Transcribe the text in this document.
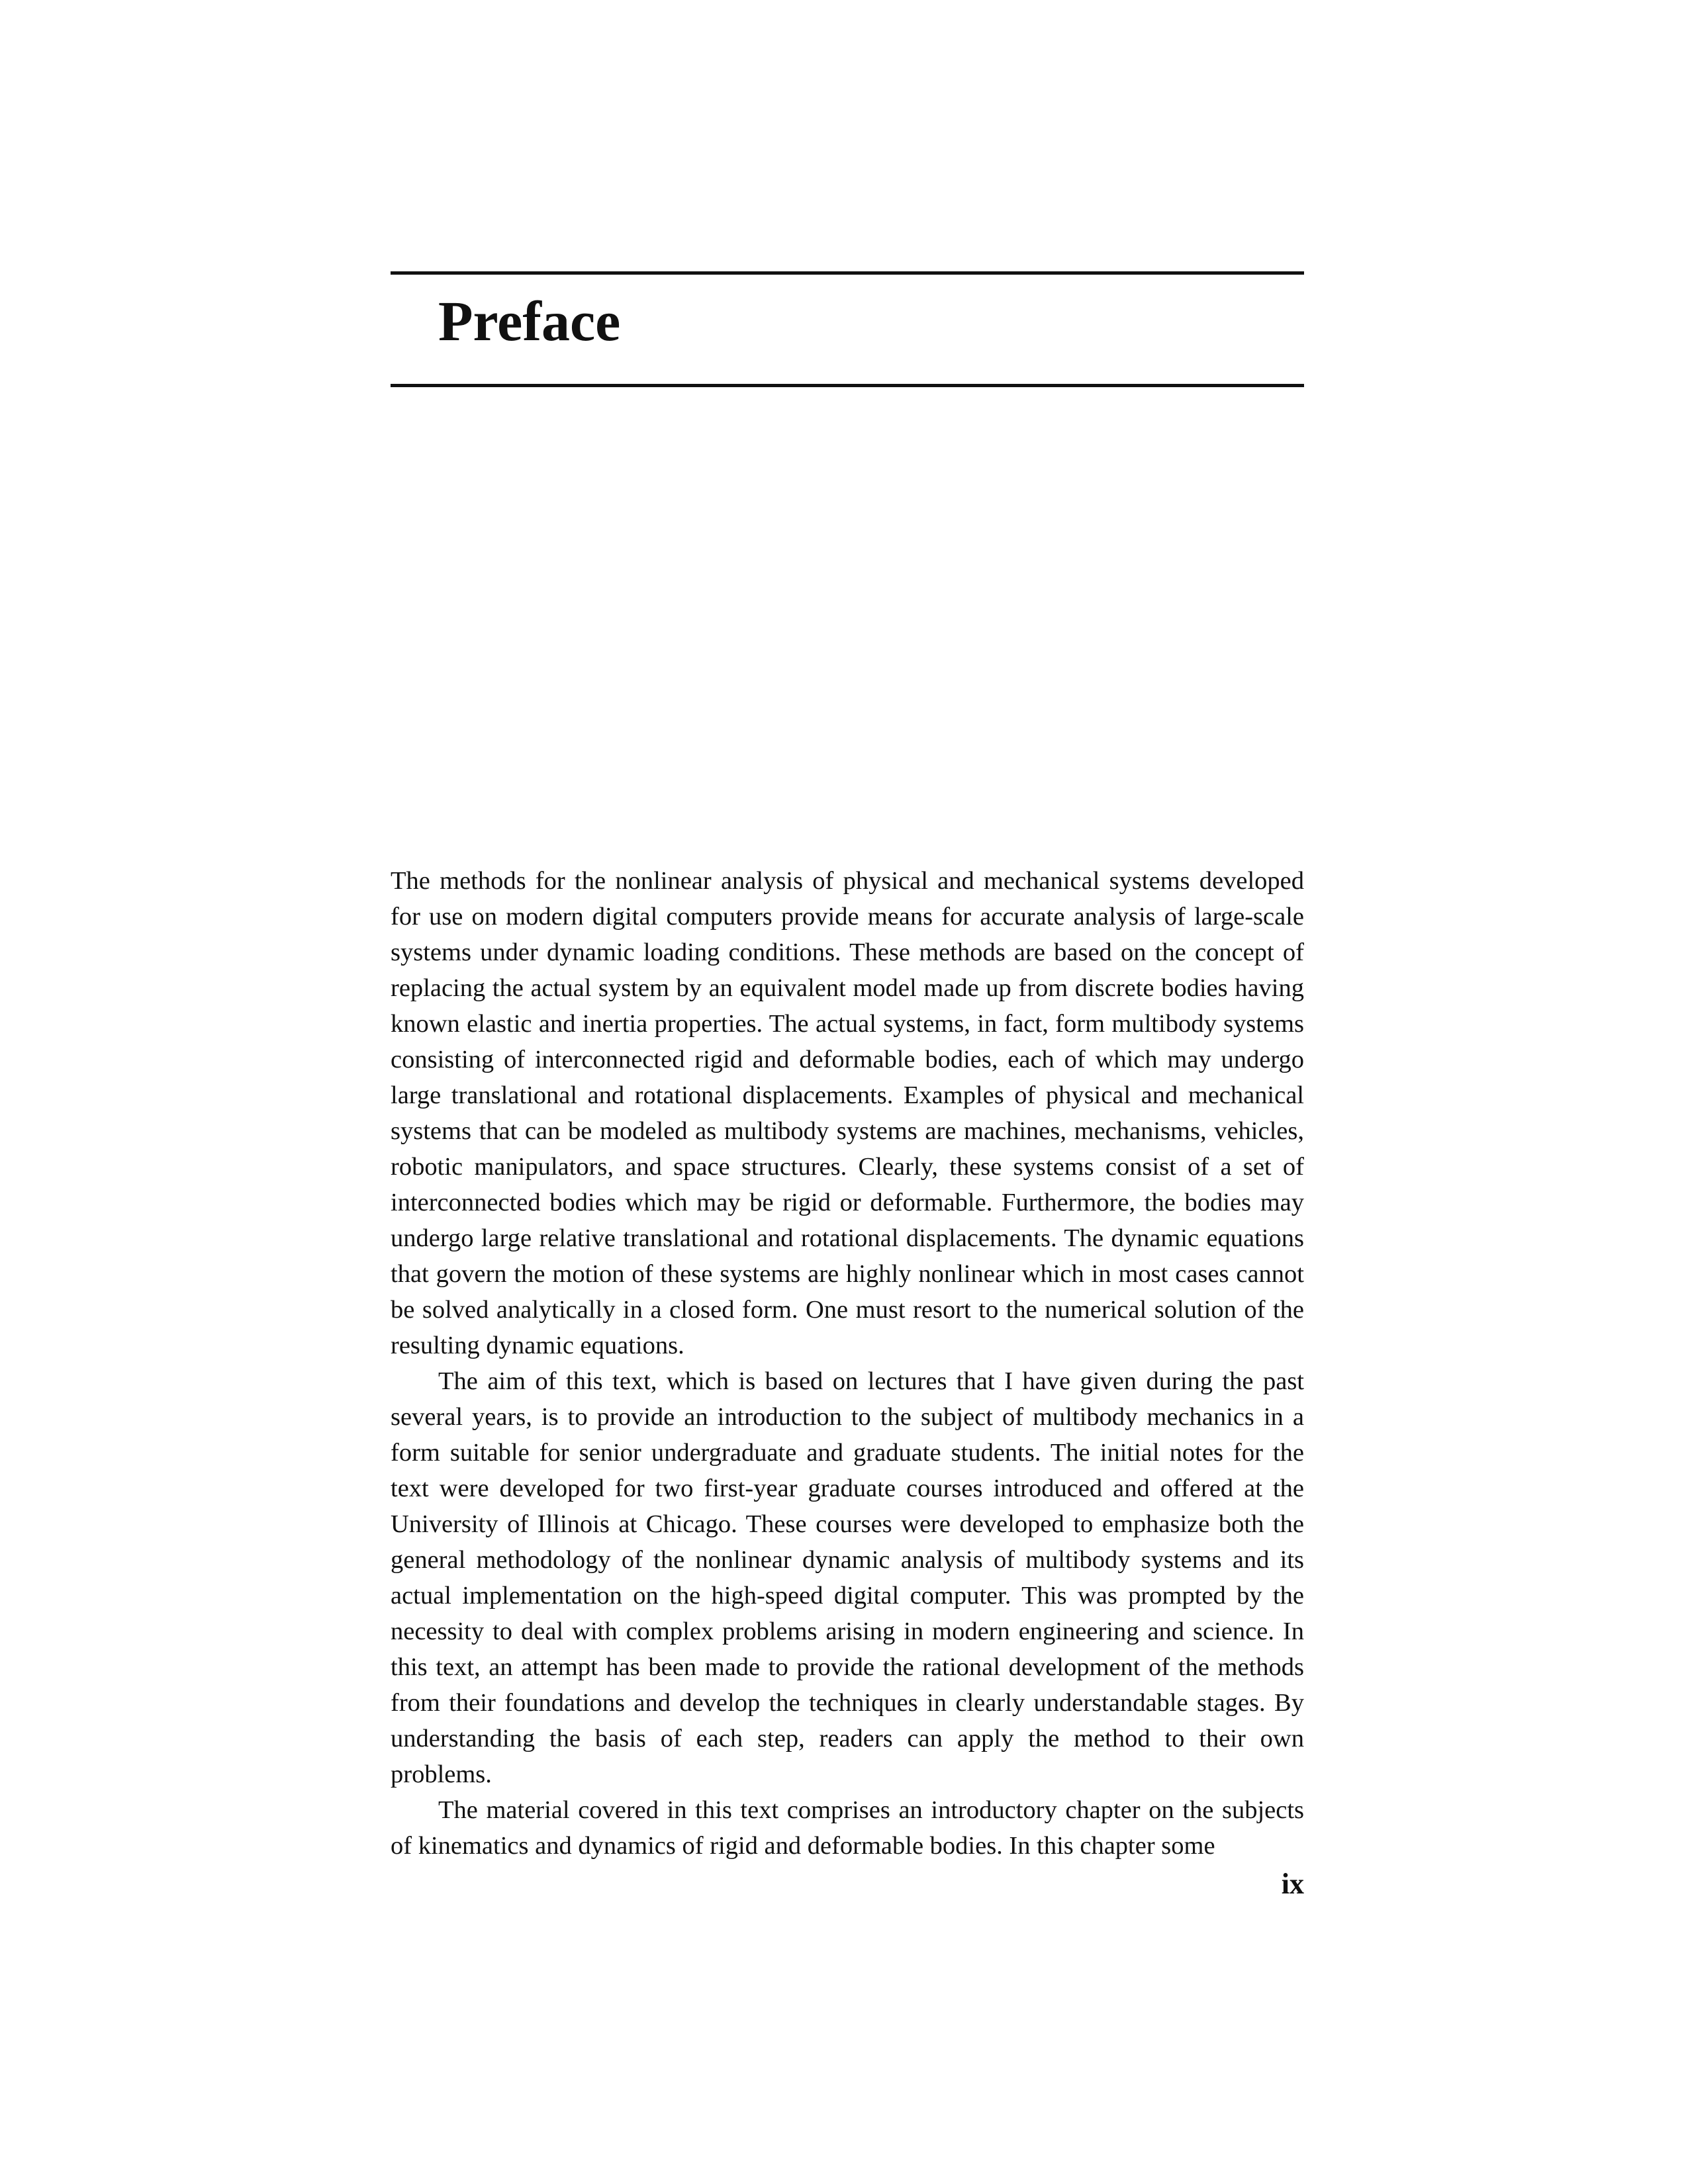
Preface

The methods for the nonlinear analysis of physical and mechanical systems developed for use on modern digital computers provide means for accurate analysis of large-scale systems under dynamic loading conditions. These methods are based on the concept of replacing the actual system by an equivalent model made up from discrete bodies having known elastic and inertia properties. The actual systems, in fact, form multibody systems consisting of interconnected rigid and deformable bodies, each of which may undergo large translational and rotational displacements. Examples of physical and mechanical systems that can be modeled as multibody systems are machines, mechanisms, vehicles, robotic manipulators, and space structures. Clearly, these systems consist of a set of interconnected bodies which may be rigid or deformable. Furthermore, the bodies may undergo large relative translational and rotational displacements. The dynamic equations that govern the motion of these systems are highly nonlinear which in most cases cannot be solved analytically in a closed form. One must resort to the numerical solution of the resulting dynamic equations.

The aim of this text, which is based on lectures that I have given during the past several years, is to provide an introduction to the subject of multibody mechanics in a form suitable for senior undergraduate and graduate students. The initial notes for the text were developed for two first-year graduate courses introduced and offered at the University of Illinois at Chicago. These courses were developed to emphasize both the general methodology of the nonlinear dynamic analysis of multibody systems and its actual implementation on the high-speed digital computer. This was prompted by the necessity to deal with complex problems arising in modern engineering and science. In this text, an attempt has been made to provide the rational development of the methods from their foundations and develop the techniques in clearly understandable stages. By understanding the basis of each step, readers can apply the method to their own problems.

The material covered in this text comprises an introductory chapter on the subjects of kinematics and dynamics of rigid and deformable bodies. In this chapter some

ix
